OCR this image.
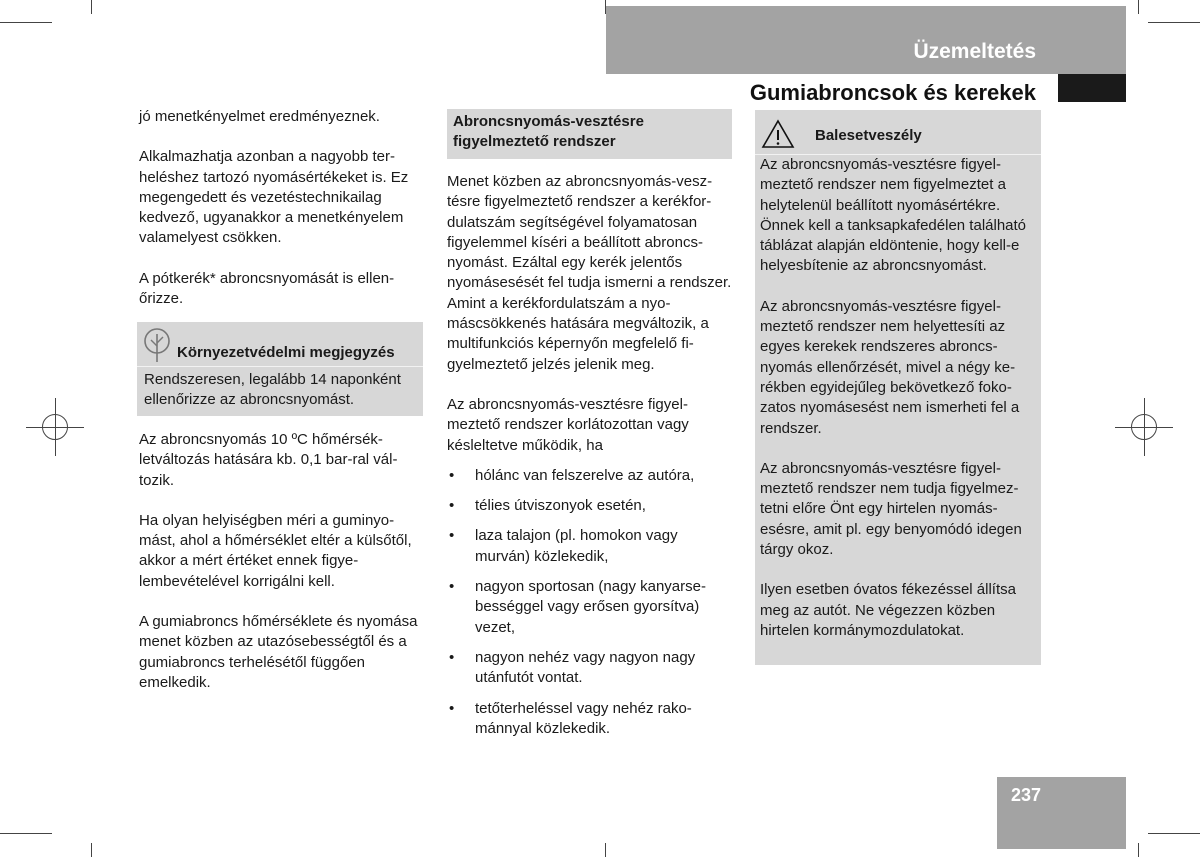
Üzemeltetés
Gumiabroncsok és kerekek

jó menetkényelmet eredményeznek.

Alkalmazhatja azonban a nagyobb terheléshez tartozó nyomásértékeket is. Ez megengedett és vezetéstechnikailag kedvező, ugyanakkor a menetkényelem valamelyest csökken.

A pótkerék* abroncsnyomását is ellenőrizze.

Környezetvédelmi megjegyzés
Rendszeresen, legalább 14 naponként ellenőrizze az abroncsnyomást.

Az abroncsnyomás 10 ºC hőmérsékletváltozás hatására kb. 0,1 bar-ral változik.

Ha olyan helyiségben méri a guminyomást, ahol a hőmérséklet eltér a külsőtől, akkor a mért értéket ennek figyelembevételével korrigálni kell.

A gumiabroncs hőmérséklete és nyomása menet közben az utazósebességtől és a gumiabroncs terhelésétől függően emelkedik.

Abroncsnyomás-vesztésre figyelmeztető rendszer

Menet közben az abroncsnyomás-vesztésre figyelmeztető rendszer a kerékfordulatszám segítségével folyamatosan figyelemmel kíséri a beállított abroncsnyomást. Ezáltal egy kerék jelentős nyomásesését fel tudja ismerni a rendszer. Amint a kerékfordulatszám a nyomáscsökkenés hatására megváltozik, a multifunkciós képernyőn megfelelő figyelmeztető jelzés jelenik meg.

Az abroncsnyomás-vesztésre figyelmeztető rendszer korlátozottan vagy késleltetve működik, ha

• hólánc van felszerelve az autóra,
• télies útviszonyok esetén,
• laza talajon (pl. homokon vagy murván) közlekedik,
• nagyon sportosan (nagy kanyarsebességgel vagy erősen gyorsítva) vezet,
• nagyon nehéz vagy nagyon nagy utánfutót vontat.
• tetőterheléssel vagy nehéz rakománnyal közlekedik.
Balesetveszély

Az abroncsnyomás-vesztésre figyelmeztető rendszer nem figyelmeztet a helytelenül beállított nyomásértékre. Önnek kell a tanksapkafedélen található táblázat alapján eldöntenie, hogy kell-e helyesbítenie az abroncsnyomást.

Az abroncsnyomás-vesztésre figyelmeztető rendszer nem helyettesíti az egyes kerekek rendszeres abroncsnyomás ellenőrzését, mivel a négy kerékben egyidejűleg bekövetkező fokozatos nyomásesést nem ismerheti fel a rendszer.

Az abroncsnyomás-vesztésre figyelmeztető rendszer nem tudja figyelmeztetni előre Önt egy hirtelen nyomásesésre, amit pl. egy benyomódó idegen tárgy okoz.

Ilyen esetben óvatos fékezéssel állítsa meg az autót. Ne végezzen közben hirtelen kormánymozdulatokat.

237
